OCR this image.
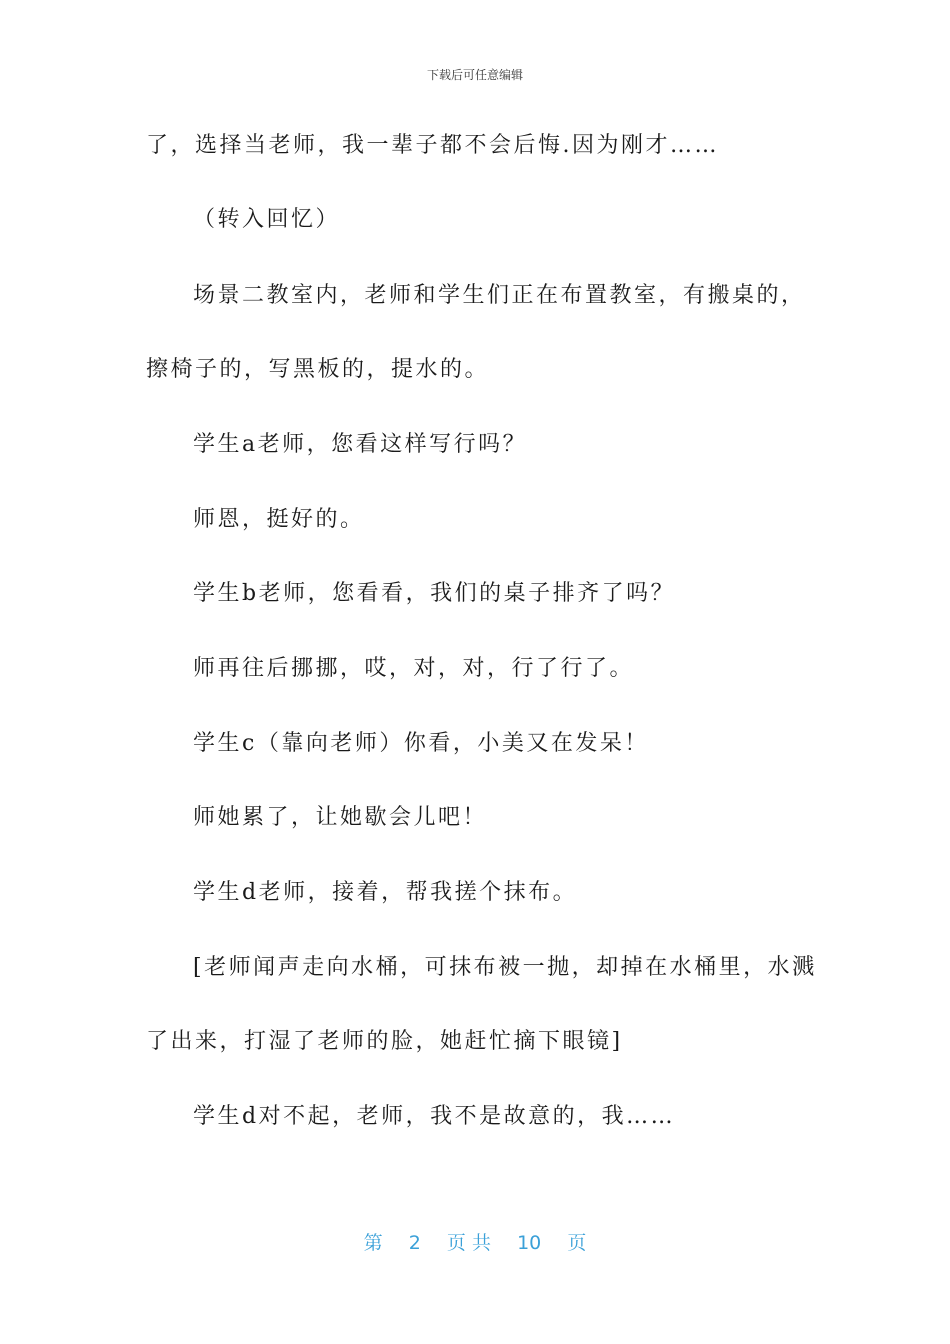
下载后可任意编辑
了，选择当老师，我一辈子都不会后悔.因为刚才……
（转入回忆）
场景二教室内，老师和学生们正在布置教室，有搬桌的，
擦椅子的，写黑板的，提水的。
学生a老师，您看这样写行吗？
师恩，挺好的。
学生b老师，您看看，我们的桌子排齐了吗？
师再往后挪挪，哎，对，对，行了行了。
学生c（靠向老师）你看，小美又在发呆！
师她累了，让她歇会儿吧！
学生d老师，接着，帮我搓个抹布。
[老师闻声走向水桶，可抹布被一抛，却掉在水桶里，水溅
了出来，打湿了老师的脸，她赶忙摘下眼镜]
学生d对不起，老师，我不是故意的，我……
第 2 页 共 10 页
